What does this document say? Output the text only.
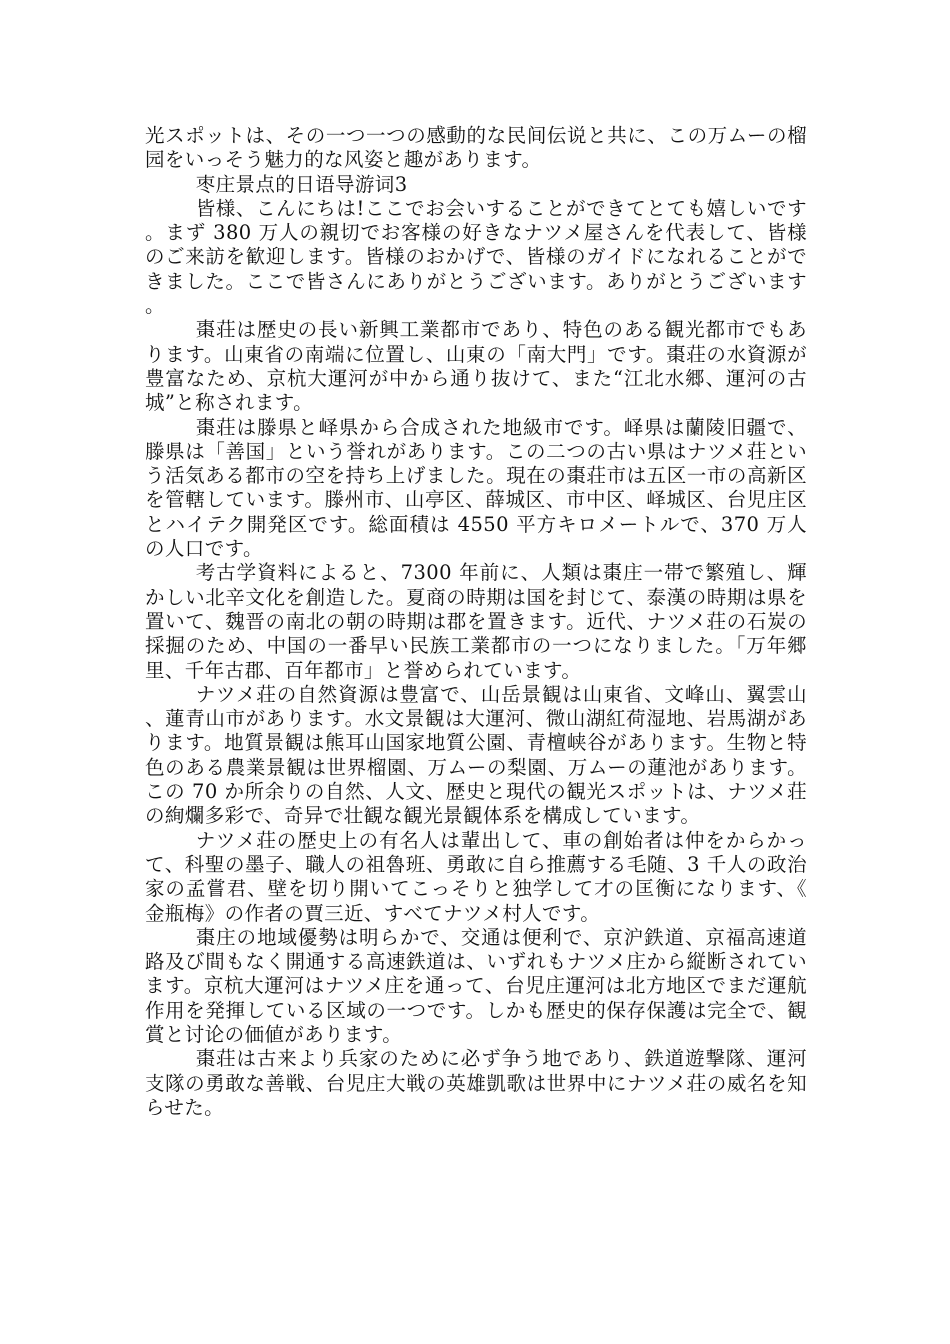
光スポットは、その一つ一つの感動的な民间伝说と共に、この万ムーの榴园をいっそう魅力的な风姿と趣があります。

枣庄景点的日语导游词3

皆様、こんにちは!ここでお会いすることができてとても嬉しいです。まず 380 万人の親切でお客様の好きなナツメ屋さんを代表して、皆様のご来訪を歓迎します。皆様のおかげで、皆様のガイドになれることができました。ここで皆さんにありがとうございます。ありがとうございます。

棗荘は歴史の長い新興工業都市であり、特色のある観光都市でもあります。山東省の南端に位置し、山東の「南大門」です。棗荘の水資源が豊富なため、京杭大運河が中から通り抜けて、また“江北水郷、運河の古城”と称されます。

棗荘は滕県と峄県から合成された地級市です。峄県は蘭陵旧疆で、滕県は「善国」という誉れがあります。この二つの古い県はナツメ荘という活気ある都市の空を持ち上げました。現在の棗荘市は五区一市の高新区を管轄しています。滕州市、山亭区、薛城区、市中区、峄城区、台児庄区とハイテク開発区です。総面積は 4550 平方キロメートルで、370 万人の人口です。

考古学資料によると、7300 年前に、人類は棗庄一帯で繁殖し、輝かしい北辛文化を創造した。夏商の時期は国を封じて、泰漢の時期は県を置いて、魏晋の南北の朝の時期は郡を置きます。近代、ナツメ荘の石炭の採掘のため、中国の一番早い民族工業都市の一つになりました。「万年郷里、千年古郡、百年都市」と誉められています。

ナツメ荘の自然資源は豊富で、山岳景観は山東省、文峰山、翼雲山、蓮青山市があります。水文景観は大運河、微山湖紅荷湿地、岩馬湖があります。地質景観は熊耳山国家地質公園、青檀峡谷があります。生物と特色のある農業景観は世界榴園、万ムーの梨園、万ムーの蓮池があります。この 70 か所余りの自然、人文、歴史と現代の観光スポットは、ナツメ荘の絢爛多彩で、奇异で壮観な観光景観体系を構成しています。

ナツメ荘の歴史上の有名人は輩出して、車の創始者は仲をからかって、科聖の墨子、職人の祖魯班、勇敢に自ら推薦する毛随、3 千人の政治家の孟嘗君、壁を切り開いてこっそりと独学して才の匡衡になります、《金瓶梅》の作者の賈三近、すべてナツメ村人です。

棗庄の地域優勢は明らかで、交通は便利で、京沪鉄道、京福高速道路及び間もなく開通する高速鉄道は、いずれもナツメ庄から縦断されています。京杭大運河はナツメ庄を通って、台児庄運河は北方地区でまだ運航作用を発揮している区域の一つです。しかも歴史的保存保護は完全で、観賞と讨论の価値があります。

棗荘は古来より兵家のために必ず争う地であり、鉄道遊撃隊、運河支隊の勇敢な善戦、台児庄大戦の英雄凱歌は世界中にナツメ荘の威名を知らせた。
